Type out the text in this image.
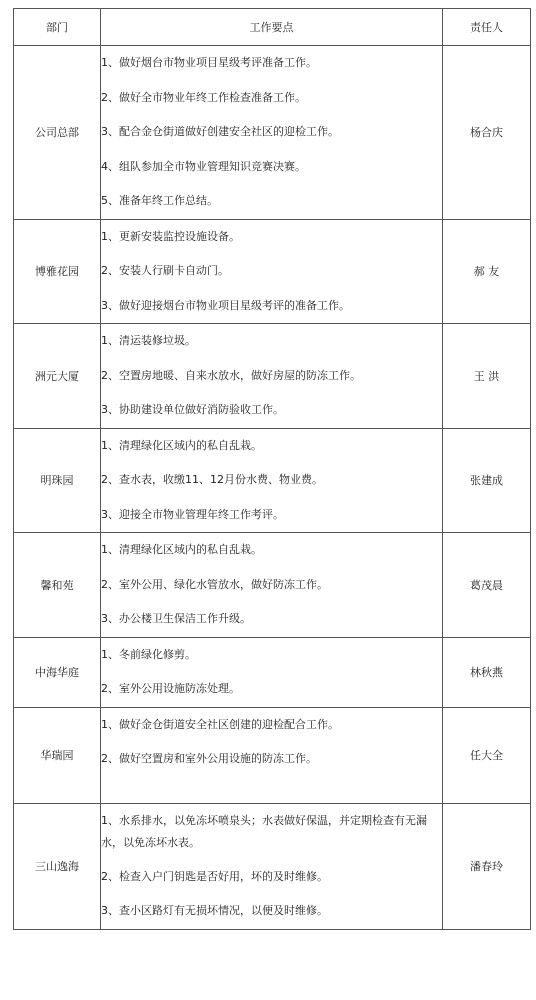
部门	工作要点	责任人
公司总部	1、做好烟台市物业项目星级考评准备工作。
2、做好全市物业年终工作检查准备工作。
3、配合金仓街道做好创建安全社区的迎检工作。
4、组队参加全市物业管理知识竞赛决赛。
5、准备年终工作总结。	杨合庆
博雅花园	1、更新安装监控设施设备。
2、安装人行刷卡自动门。
3、做好迎接烟台市物业项目星级考评的准备工作。	郝 友
洲元大厦	1、清运装修垃圾。
2、空置房地暖、自来水放水，做好房屋的防冻工作。
3、协助建设单位做好消防验收工作。	王 洪
明珠园	1、清理绿化区域内的私自乱栽。
2、查水表，收缴11、12月份水费、物业费。
3、迎接全市物业管理年终工作考评。	张建成
馨和苑	1、清理绿化区域内的私自乱栽。
2、室外公用、绿化水管放水，做好防冻工作。
3、办公楼卫生保洁工作升级。	葛茂晨
中海华庭	1、冬前绿化修剪。
2、室外公用设施防冻处理。	林秋燕
华瑞园	1、做好金仓街道安全社区创建的迎检配合工作。
2、做好空置房和室外公用设施的防冻工作。	任大全
三山逸海	1、水系排水，以免冻坏喷泉头；水表做好保温，并定期检查有无漏水，以免冻坏水表。
2、检查入户门钥匙是否好用，坏的及时维修。
3、查小区路灯有无损坏情况，以便及时维修。	潘春玲
